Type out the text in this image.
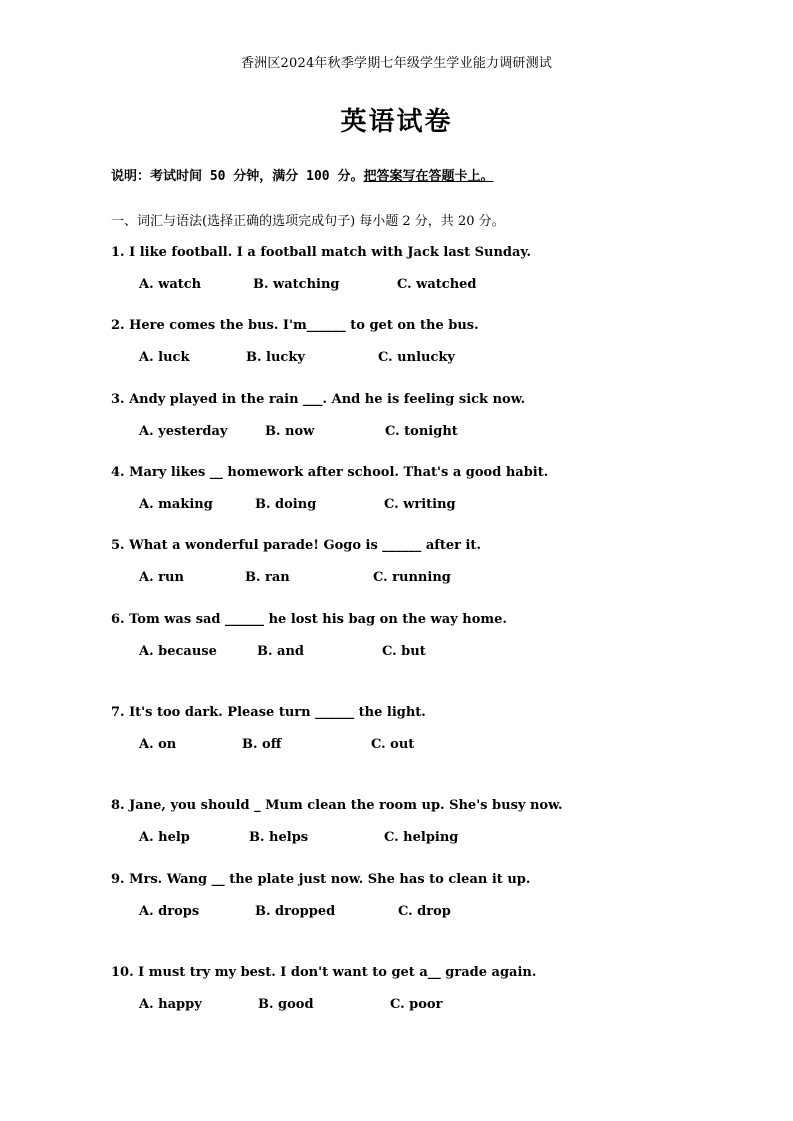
香洲区2024年秋季学期七年级学生学业能力调研测试
英语试卷
说明：考试时间 50 分钟，满分 100 分。把答案写在答题卡上。
一、词汇与语法(选择正确的选项完成句子) 每小题 2 分，共 20 分。
1. I like football. I a football match with Jack last Sunday.
A. watch	B. watching	C. watched
2. Here comes the bus. I'm______ to get on the bus.
A. luck	B. lucky	C. unlucky
3. Andy played in the rain ___. And he is feeling sick now.
A. yesterday	B. now	C. tonight
4. Mary likes __ homework after school. That's a good habit.
A. making	B. doing	C. writing
5. What a wonderful parade! Gogo is ______ after it.
A. run	B. ran	C. running
6. Tom was sad ______ he lost his bag on the way home.
A. because	B. and	C. but
7. It's too dark. Please turn ______ the light.
A. on	B. off	C. out
8. Jane, you should _ Mum clean the room up. She's busy now.
A. help	B. helps	C. helping
9. Mrs. Wang __ the plate just now. She has to clean it up.
A. drops	B. dropped	C. drop
10. I must try my best. I don't want to get a__ grade again.
A. happy	B. good	C. poor
